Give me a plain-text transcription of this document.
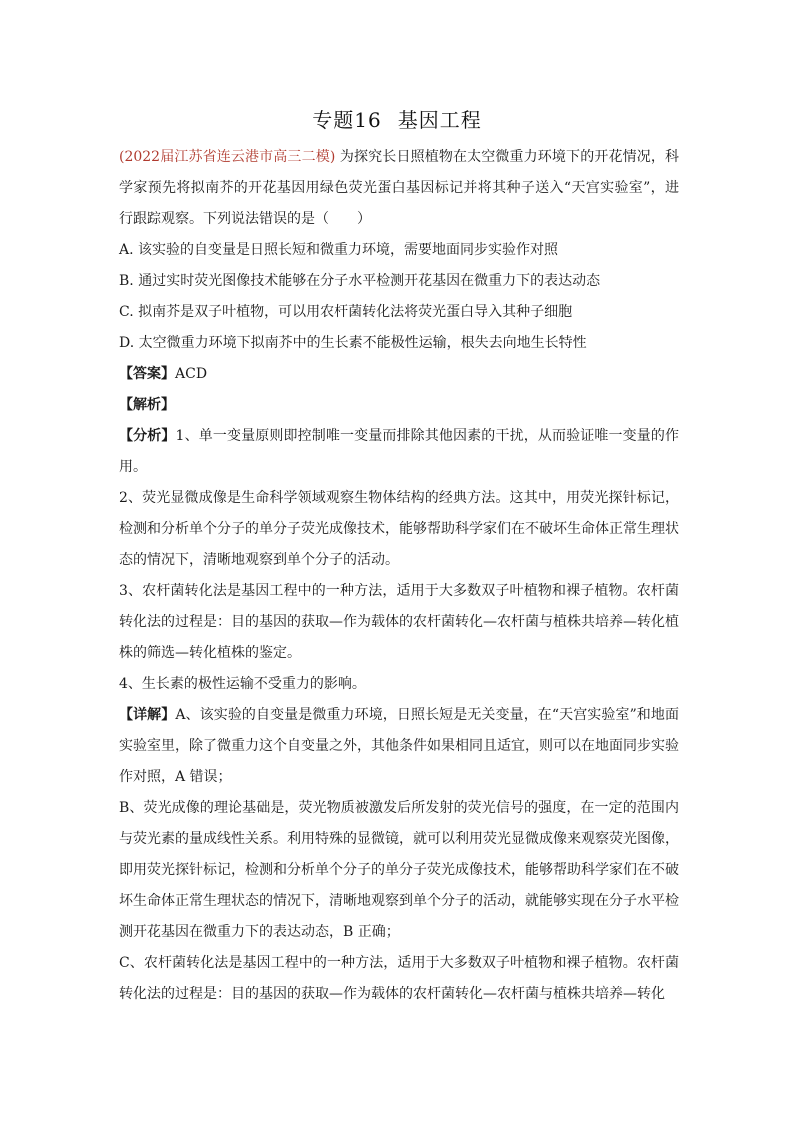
专题16 基因工程

(2022届江苏省连云港市高三二模) 为探究长日照植物在太空微重力环境下的开花情况，科学家预先将拟南芥的开花基因用绿色荧光蛋白基因标记并将其种子送入“天宫实验室”，进行跟踪观察。下列说法错误的是（　　）

A. 该实验的自变量是日照长短和微重力环境，需要地面同步实验作对照

B. 通过实时荧光图像技术能够在分子水平检测开花基因在微重力下的表达动态

C. 拟南芥是双子叶植物，可以用农杆菌转化法将荧光蛋白导入其种子细胞

D. 太空微重力环境下拟南芥中的生长素不能极性运输，根失去向地生长特性

【答案】ACD

【解析】

【分析】1、单一变量原则即控制唯一变量而排除其他因素的干扰，从而验证唯一变量的作用。

2、荧光显微成像是生命科学领域观察生物体结构的经典方法。这其中，用荧光探针标记，检测和分析单个分子的单分子荧光成像技术，能够帮助科学家们在不破坏生命体正常生理状态的情况下，清晰地观察到单个分子的活动。

3、农杆菌转化法是基因工程中的一种方法，适用于大多数双子叶植物和裸子植物。农杆菌转化法的过程是：目的基因的获取—作为载体的农杆菌转化—农杆菌与植株共培养—转化植株的筛选—转化植株的鉴定。

4、生长素的极性运输不受重力的影响。

【详解】A、该实验的自变量是微重力环境，日照长短是无关变量，在“天宫实验室”和地面实验室里，除了微重力这个自变量之外，其他条件如果相同且适宜，则可以在地面同步实验作对照，A 错误；

B、荧光成像的理论基础是，荧光物质被激发后所发射的荧光信号的强度，在一定的范围内与荧光素的量成线性关系。利用特殊的显微镜，就可以利用荧光显微成像来观察荧光图像，即用荧光探针标记，检测和分析单个分子的单分子荧光成像技术，能够帮助科学家们在不破坏生命体正常生理状态的情况下，清晰地观察到单个分子的活动，就能够实现在分子水平检测开花基因在微重力下的表达动态，B 正确；

C、农杆菌转化法是基因工程中的一种方法，适用于大多数双子叶植物和裸子植物。农杆菌转化法的过程是：目的基因的获取—作为载体的农杆菌转化—农杆菌与植株共培养—转化
